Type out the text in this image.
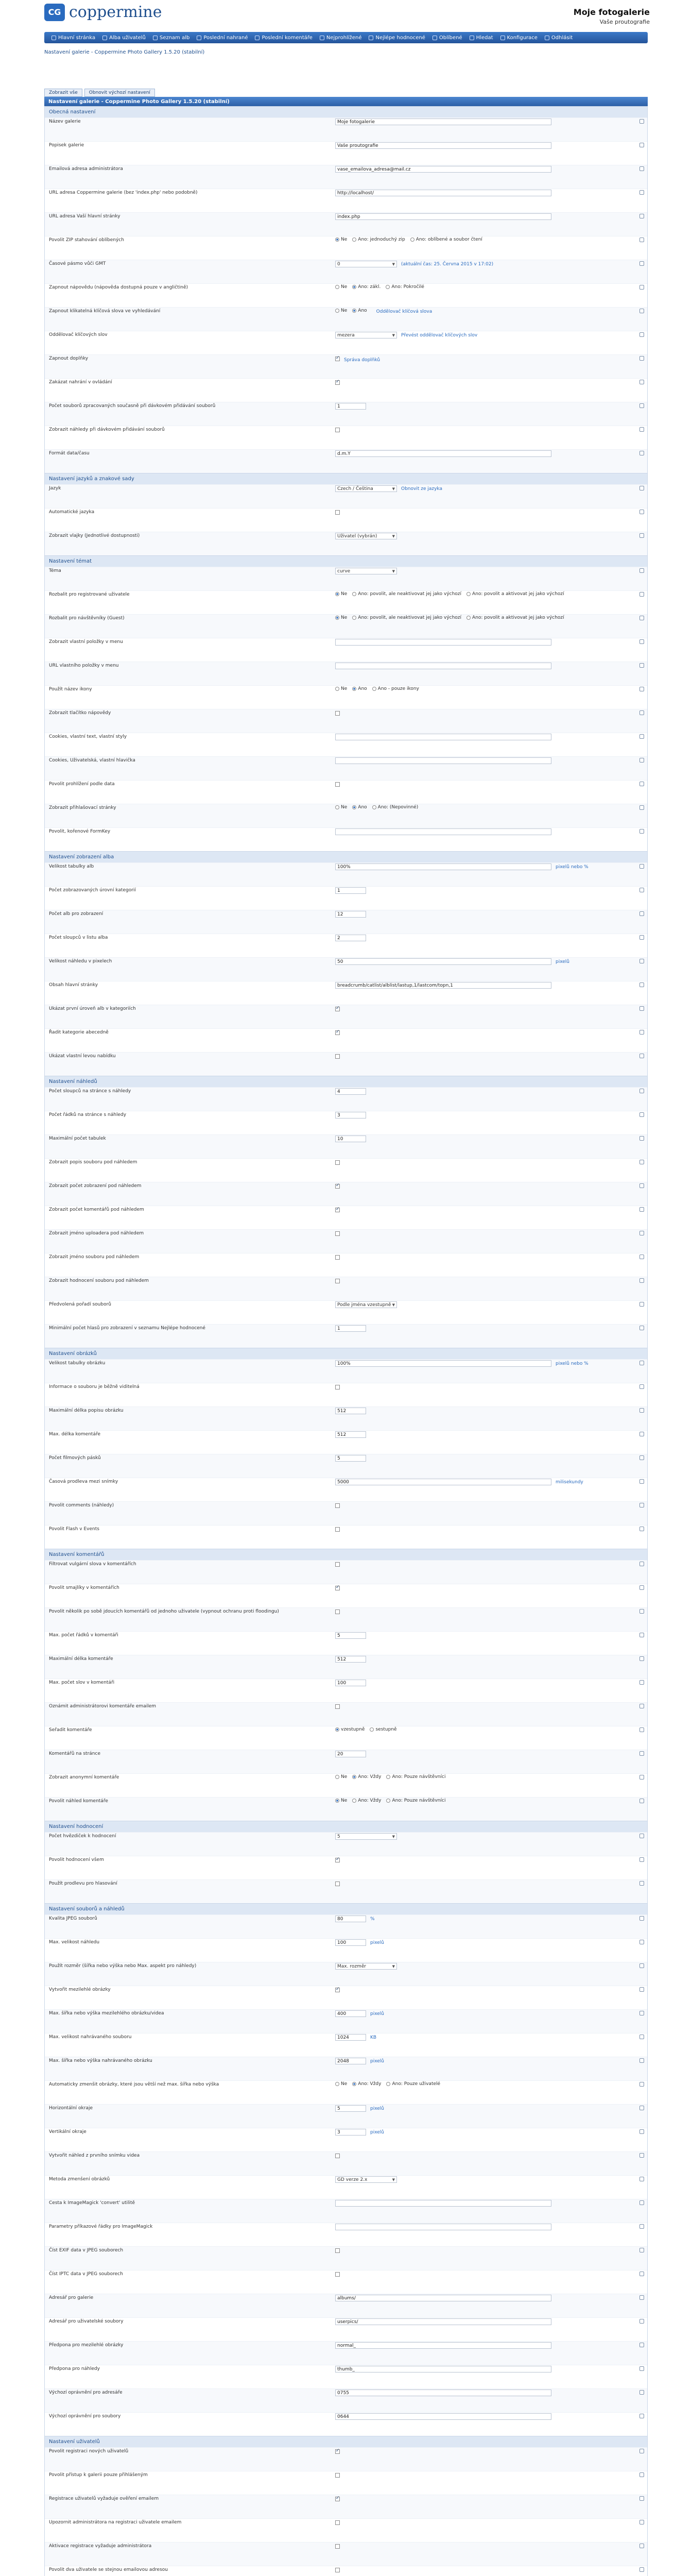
CG coppermine	Moje fotogalerie
Vaše proutografie
Hlavní stránka	Alba uživatelů	Seznam alb	Poslední nahrané	Poslední komentáře	Nejprohlížené	Nejlépe hodnocené	Oblíbené	Hledat	Konfigurace	Odhlásit
Nastavení galerie - Coppermine Photo Gallery 1.5.20 (stabilní)
Zobrazit vše	Obnovit výchozí nastavení
Nastavení galerie - Coppermine Photo Gallery 1.5.20 (stabilní)
Obecná nastavení
Název galerie
Moje fotogalerie
Popisek galerie
Vaše proutografie
Emailová adresa administrátora
vase_emailova_adresa@mail.cz
URL adresa Coppermine galerie (bez 'index.php' nebo podobně)
http://localhost/
URL adresa Vaší hlavní stránky
index.php
Povolit ZIP stahování oblíbených	Ne Ano: jednoduchý zip Ano: oblíbené a soubor čtení
Časové pásmo vůči GMT	0	▼ (aktuální čas: 25. Června 2015 v 17:02)
Zapnout nápovědu (nápověda dostupná pouze v angličtině)	Ne Ano: zákl. Ano: Pokročilé
Zapnout klikatelná klíčová slova ve vyhledávání	Ne Ano Oddělovač klíčová slova
Oddělovač klíčových slov	mezera	▼ Převést oddělovač klíčových slov
Zapnout doplňky
✓	Správa doplňků
Zakázat nahrání v ovládání
✓
Počet souborů zpracovaných současně při dávkovém přidávání souborů
1
Zobrazit náhledy při dávkovém přidávání souborů
Formát data/času
d.m.Y
Nastavení jazyků a znakové sady
Jazyk	Czech / Čeština	▼ Obnovit ze jazyka
Automatické jazyka
Zobrazit vlajky (Jednotlivé dostupnosti)	Uživatel (vybrán)	▼
Nastavení témat
Téma	curve	▼
Rozbalit pro registrované uživatele	Ne Ano: povolit, ale neaktivovat jej jako výchozí Ano: povolit a aktivovat jej jako výchozí
Rozbalit pro návštěvníky (Guest)	Ne Ano: povolit, ale neaktivovat jej jako výchozí Ano: povolit a aktivovat jej jako výchozí
Zobrazit vlastní položky v menu
URL vlastního položky v menu
Použít název ikony	Ne Ano Ano - pouze ikony
Zobrazit tlačítko nápovědy
Cookies, vlastní text, vlastní styly
Cookies, Uživatelská, vlastní hlavička
Povolit prohlížení podle data
Zobrazit přihlašovací stránky	Ne Ano Ano: (Nepovinné)
Povolit, kořenové FormKey
Nastavení zobrazení alba
Velikost tabulky alb
100%	pixelů nebo %
Počet zobrazovaných úrovní kategorií
1
Počet alb pro zobrazení
12
Počet sloupců v listu alba
2
Velikost náhledu v pixelech
50	pixelů
Obsah hlavní stránky
breadcrumb/catlist/alblist/lastup,1/lastcom/topn,1
Ukázat první úroveň alb v kategoriích
✓
Řadit kategorie abecedně
✓
Ukázat vlastní levou nabídku
Nastavení náhledů
Počet sloupců na stránce s náhledy
4
Počet řádků na stránce s náhledy
3
Maximální počet tabulek
10
Zobrazit popis souboru pod náhledem
Zobrazit počet zobrazení pod náhledem
✓
Zobrazit počet komentářů pod náhledem
✓
Zobrazit jméno uploadera pod náhledem
Zobrazit jméno souboru pod náhledem
Zobrazit hodnocení souboru pod náhledem
Předvolená pořadí souborů	Podle jména vzestupně ▼
Minimální počet hlasů pro zobrazení v seznamu Nejlépe hodnocené
1
Nastavení obrázků
Velikost tabulky obrázku
100%	pixelů nebo %
Informace o souboru je běžně viditelná
Maximální délka popisu obrázku
512
Max. délka komentáře
512
Počet filmových pásků
5
Časová prodleva mezi snímky
5000	milisekundy
Povolit comments (náhledy)
Povolit Flash v Events
Nastavení komentářů
Filtrovat vulgární slova v komentářích
Povolit smajlíky v komentářích
✓
Povolit několik po sobě jdoucích komentářů od jednoho uživatele (vypnout ochranu proti floodingu)
Max. počet řádků v komentáři
5
Maximální délka komentáře
512
Max. počet slov v komentáři
100
Oznámit administrátorovi komentáře emailem
Seřadit komentáře	vzestupně sestupně
Komentářů na stránce
20
Zobrazit anonymní komentáře	Ne Ano: Vždy Ano: Pouze návštěvníci
Povolit náhled komentáře	Ne Ano: Vždy Ano: Pouze návštěvníci
Nastavení hodnocení
Počet hvězdiček k hodnocení	5	▼
Povolit hodnocení všem
✓
Použít prodlevu pro hlasování
Nastavení souborů a náhledů
Kvalita JPEG souborů
80	%
Max. velikost náhledu
100	pixelů
Použít rozměr (šířka nebo výška nebo Max. aspekt pro náhledy)	Max. rozměr	▼
Vytvořit mezilehlé obrázky
✓
Max. šířka nebo výška mezilehlého obrázku/videa
400	pixelů
Max. velikost nahrávaného souboru
1024	KB
Max. šířka nebo výška nahrávaného obrázku
2048	pixelů
Automaticky zmenšit obrázky, které jsou větší než max. šířka nebo výška	Ne Ano: Vždy Ano: Pouze uživatelé
Horizontální okraje
5	pixelů
Vertikální okraje
3	pixelů
Vytvořit náhled z prvního snímku videa
Metoda zmenšení obrázků	GD verze 2.x	▼
Cesta k ImageMagick 'convert' utilitě
Parametry příkazové řádky pro ImageMagick
Číst EXIF data v JPEG souborech
Číst IPTC data v JPEG souborech
Adresář pro galerie
albums/
Adresář pro uživatelské soubory
userpics/
Předpona pro mezilehlé obrázky
normal_
Předpona pro náhledy
thumb_
Výchozí oprávnění pro adresáře
0755
Výchozí oprávnění pro soubory
0644
Nastavení uživatelů
Povolit registraci nových uživatelů
✓
Povolit přístup k galerii pouze přihlášeným
Registrace uživatelů vyžaduje ověření emailem
✓
Upozornit administrátora na registraci uživatele emailem
Aktivace registrace vyžaduje administrátora
Povolit dva uživatele se stejnou emailovou adresou
